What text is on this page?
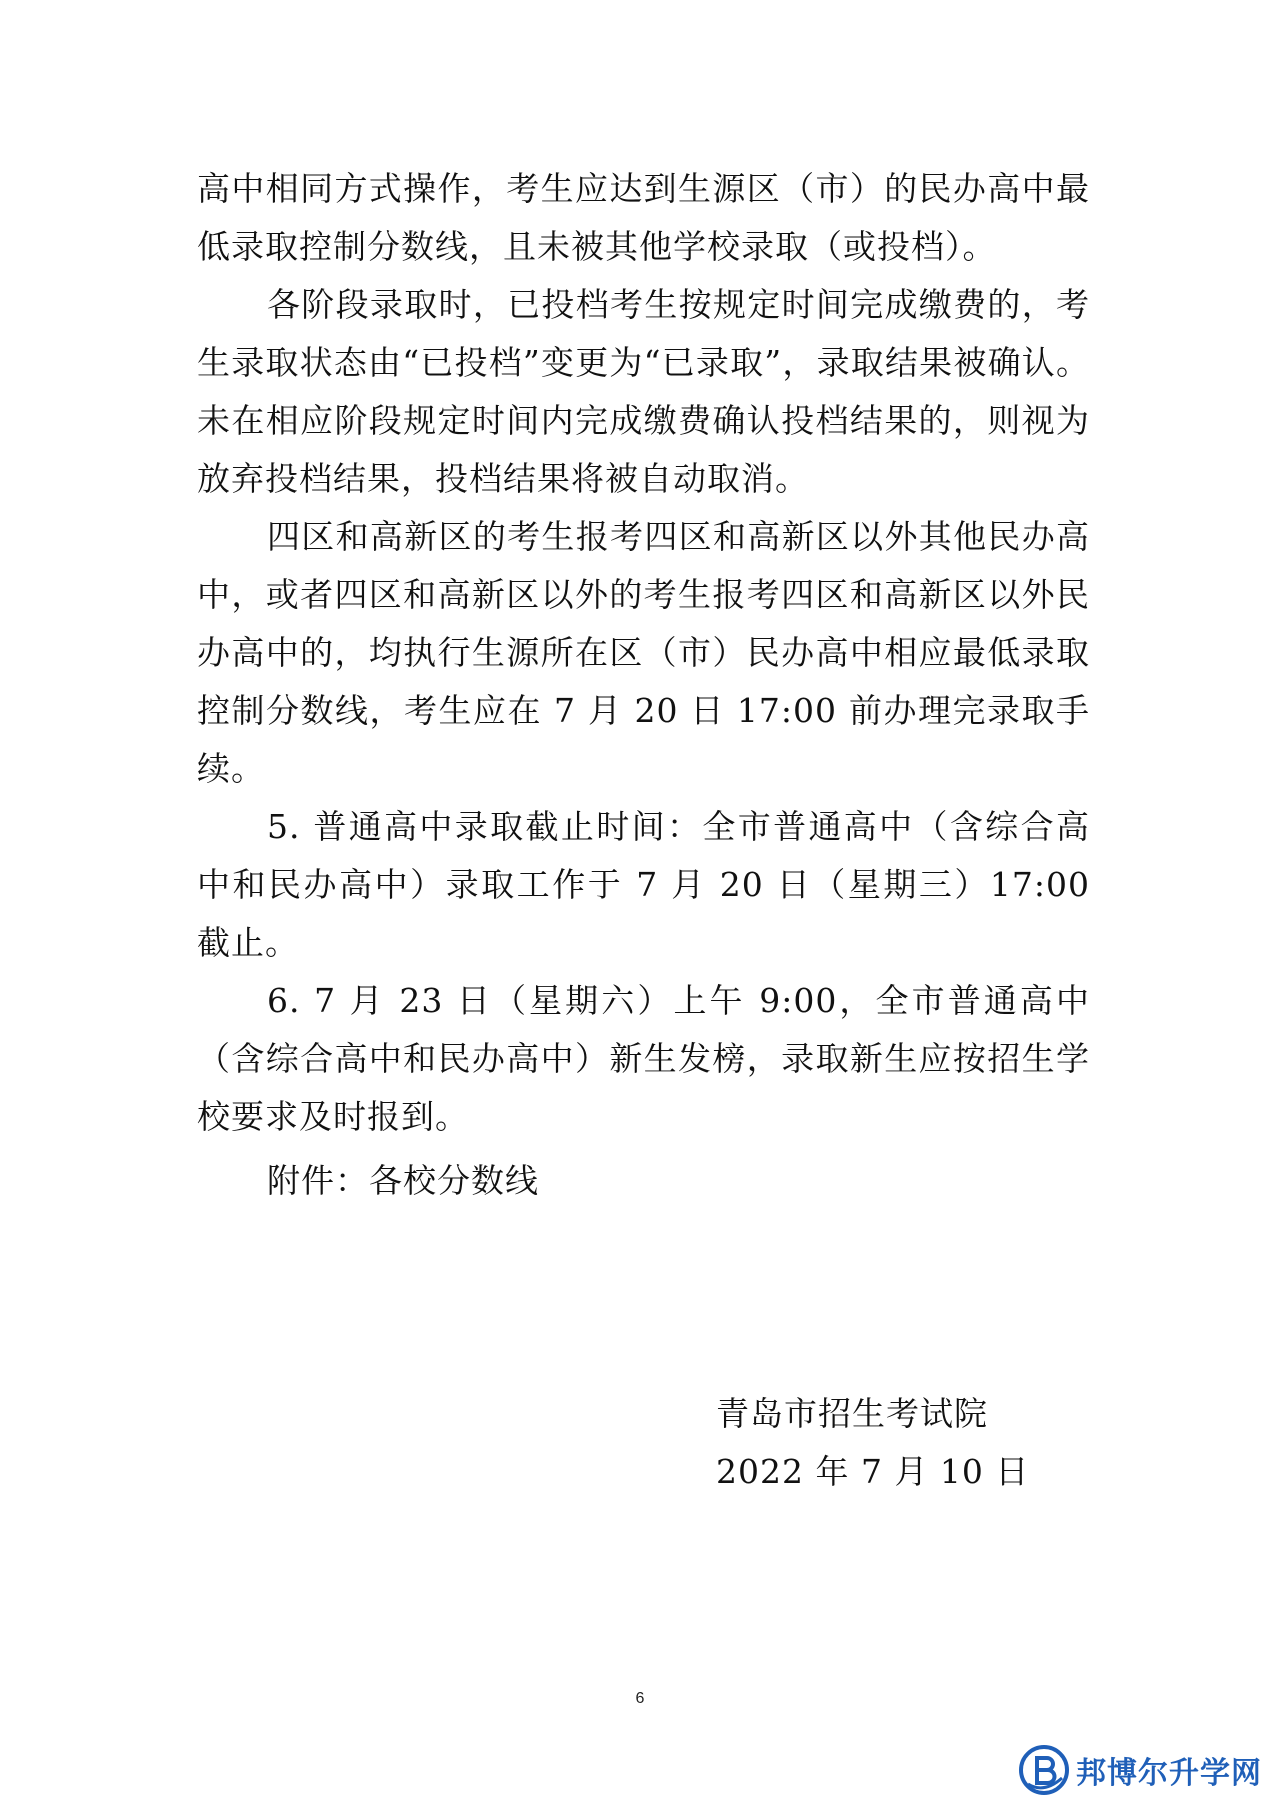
高中相同方式操作，考生应达到生源区（市）的民办高中最低录取控制分数线，且未被其他学校录取（或投档）。

各阶段录取时，已投档考生按规定时间完成缴费的，考生录取状态由“已投档”变更为“已录取”，录取结果被确认。未在相应阶段规定时间内完成缴费确认投档结果的，则视为放弃投档结果，投档结果将被自动取消。

四区和高新区的考生报考四区和高新区以外其他民办高中，或者四区和高新区以外的考生报考四区和高新区以外民办高中的，均执行生源所在区（市）民办高中相应最低录取控制分数线，考生应在 7 月 20 日 17:00 前办理完录取手续。

5. 普通高中录取截止时间：全市普通高中（含综合高中和民办高中）录取工作于 7 月 20 日（星期三）17:00 截止。

6. 7 月 23 日（星期六）上午 9:00，全市普通高中（含综合高中和民办高中）新生发榜，录取新生应按招生学校要求及时报到。

附件：各校分数线
青岛市招生考试院
2022 年 7 月 10 日
6
邦博尔升学网
